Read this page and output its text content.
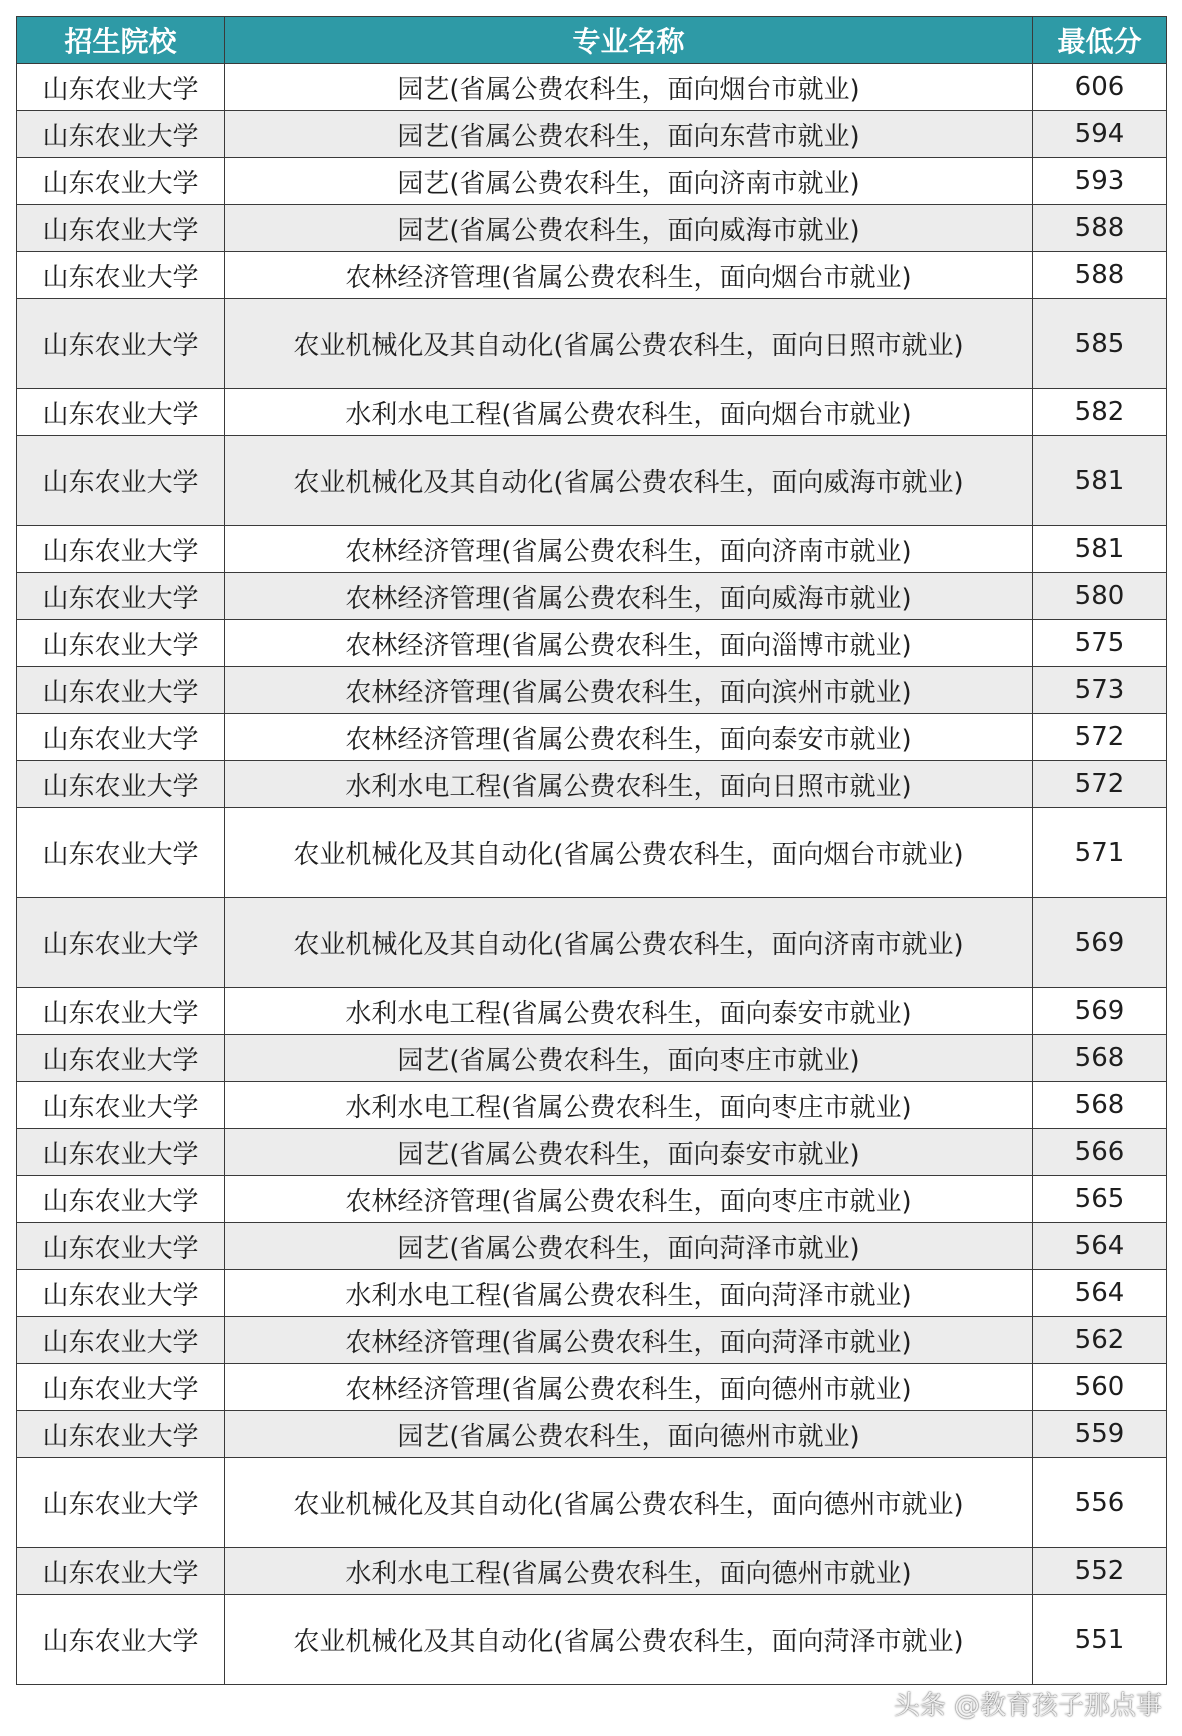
招生院校	专业名称	最低分
山东农业大学	园艺(省属公费农科生，面向烟台市就业)	606
山东农业大学	园艺(省属公费农科生，面向东营市就业)	594
山东农业大学	园艺(省属公费农科生，面向济南市就业)	593
山东农业大学	园艺(省属公费农科生，面向威海市就业)	588
山东农业大学	农林经济管理(省属公费农科生，面向烟台市就业)	588
山东农业大学	农业机械化及其自动化(省属公费农科生，面向日照市就业)	585
山东农业大学	水利水电工程(省属公费农科生，面向烟台市就业)	582
山东农业大学	农业机械化及其自动化(省属公费农科生，面向威海市就业)	581
山东农业大学	农林经济管理(省属公费农科生，面向济南市就业)	581
山东农业大学	农林经济管理(省属公费农科生，面向威海市就业)	580
山东农业大学	农林经济管理(省属公费农科生，面向淄博市就业)	575
山东农业大学	农林经济管理(省属公费农科生，面向滨州市就业)	573
山东农业大学	农林经济管理(省属公费农科生，面向泰安市就业)	572
山东农业大学	水利水电工程(省属公费农科生，面向日照市就业)	572
山东农业大学	农业机械化及其自动化(省属公费农科生，面向烟台市就业)	571
山东农业大学	农业机械化及其自动化(省属公费农科生，面向济南市就业)	569
山东农业大学	水利水电工程(省属公费农科生，面向泰安市就业)	569
山东农业大学	园艺(省属公费农科生，面向枣庄市就业)	568
山东农业大学	水利水电工程(省属公费农科生，面向枣庄市就业)	568
山东农业大学	园艺(省属公费农科生，面向泰安市就业)	566
山东农业大学	农林经济管理(省属公费农科生，面向枣庄市就业)	565
山东农业大学	园艺(省属公费农科生，面向菏泽市就业)	564
山东农业大学	水利水电工程(省属公费农科生，面向菏泽市就业)	564
山东农业大学	农林经济管理(省属公费农科生，面向菏泽市就业)	562
山东农业大学	农林经济管理(省属公费农科生，面向德州市就业)	560
山东农业大学	园艺(省属公费农科生，面向德州市就业)	559
山东农业大学	农业机械化及其自动化(省属公费农科生，面向德州市就业)	556
山东农业大学	水利水电工程(省属公费农科生，面向德州市就业)	552
山东农业大学	农业机械化及其自动化(省属公费农科生，面向菏泽市就业)	551
头条 @教育孩子那点事
